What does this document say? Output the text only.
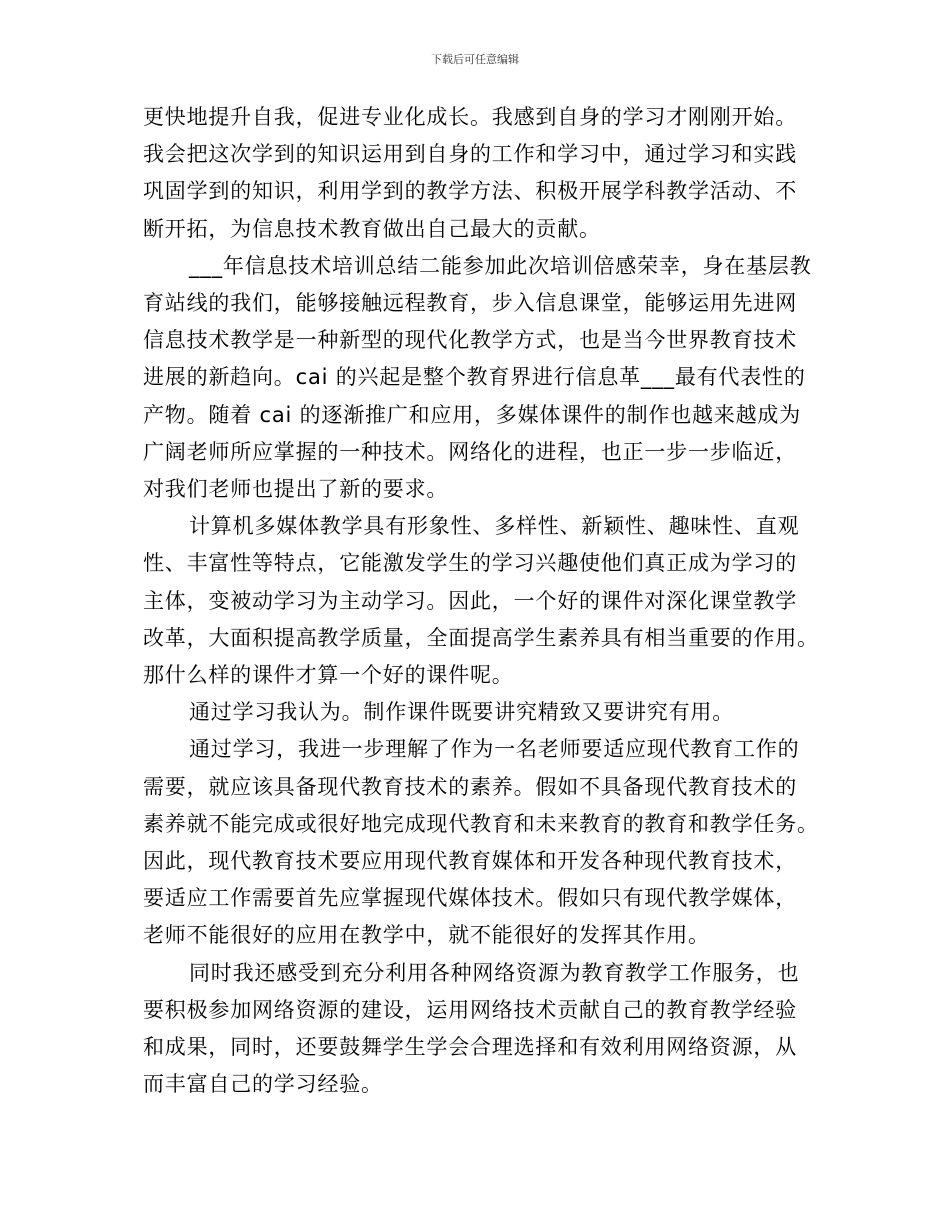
下载后可任意编辑

更快地提升自我，促进专业化成长。我感到自身的学习才刚刚开始。
我会把这次学到的知识运用到自身的工作和学习中，通过学习和实践
巩固学到的知识，利用学到的教学方法、积极开展学科教学活动、不
断开拓，为信息技术教育做出自己最大的贡献。

___年信息技术培训总结二能参加此次培训倍感荣幸，身在基层教
育站线的我们，能够接触远程教育，步入信息课堂，能够运用先进网
信息技术教学是一种新型的现代化教学方式，也是当今世界教育技术
进展的新趋向。cai 的兴起是整个教育界进行信息革___最有代表性的
产物。随着 cai 的逐渐推广和应用，多媒体课件的制作也越来越成为
广阔老师所应掌握的一种技术。网络化的进程，也正一步一步临近，
对我们老师也提出了新的要求。

计算机多媒体教学具有形象性、多样性、新颖性、趣味性、直观
性、丰富性等特点，它能激发学生的学习兴趣使他们真正成为学习的
主体，变被动学习为主动学习。因此，一个好的课件对深化课堂教学
改革，大面积提高教学质量，全面提高学生素养具有相当重要的作用。
那什么样的课件才算一个好的课件呢。

通过学习我认为。制作课件既要讲究精致又要讲究有用。

通过学习，我进一步理解了作为一名老师要适应现代教育工作的
需要，就应该具备现代教育技术的素养。假如不具备现代教育技术的
素养就不能完成或很好地完成现代教育和未来教育的教育和教学任务。
因此，现代教育技术要应用现代教育媒体和开发各种现代教育技术，
要适应工作需要首先应掌握现代媒体技术。假如只有现代教学媒体，
老师不能很好的应用在教学中，就不能很好的发挥其作用。

同时我还感受到充分利用各种网络资源为教育教学工作服务，也
要积极参加网络资源的建设，运用网络技术贡献自己的教育教学经验
和成果，同时，还要鼓舞学生学会合理选择和有效利用网络资源，从
而丰富自己的学习经验。
